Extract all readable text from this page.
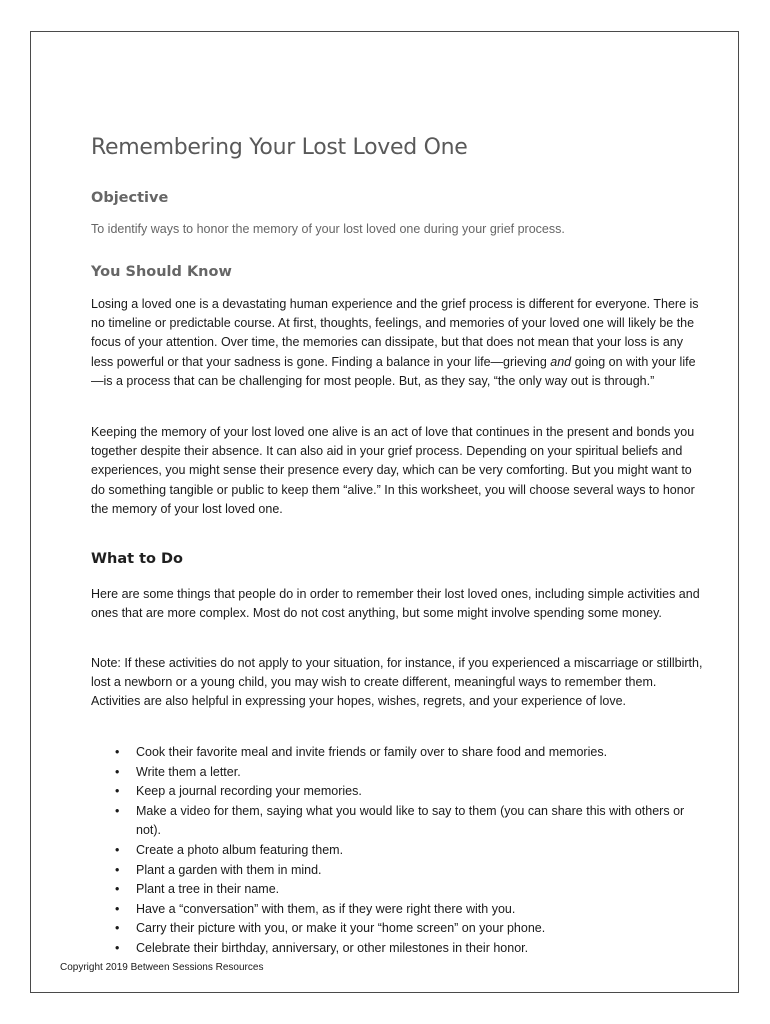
Remembering Your Lost Loved One
Objective

To identify ways to honor the memory of your lost loved one during your grief process.

You Should Know

Losing a loved one is a devastating human experience and the grief process is different for everyone. There is no timeline or predictable course. At first, thoughts, feelings, and memories of your loved one will likely be the focus of your attention. Over time, the memories can dissipate, but that does not mean that your loss is any less powerful or that your sadness is gone. Finding a balance in your life—grieving and going on with your life—is a process that can be challenging for most people. But, as they say, “the only way out is through.”

Keeping the memory of your lost loved one alive is an act of love that continues in the present and bonds you together despite their absence. It can also aid in your grief process. Depending on your spiritual beliefs and experiences, you might sense their presence every day, which can be very comforting. But you might want to do something tangible or public to keep them “alive.” In this worksheet, you will choose several ways to honor the memory of your lost loved one.

What to Do

Here are some things that people do in order to remember their lost loved ones, including simple activities and ones that are more complex. Most do not cost anything, but some might involve spending some money.

Note: If these activities do not apply to your situation, for instance, if you experienced a miscarriage or stillbirth, lost a newborn or a young child, you may wish to create different, meaningful ways to remember them. Activities are also helpful in expressing your hopes, wishes, regrets, and your experience of love.

• Cook their favorite meal and invite friends or family over to share food and memories.
• Write them a letter.
• Keep a journal recording your memories.
• Make a video for them, saying what you would like to say to them (you can share this with others or not).
• Create a photo album featuring them.
• Plant a garden with them in mind.
• Plant a tree in their name.
• Have a “conversation” with them, as if they were right there with you.
• Carry their picture with you, or make it your “home screen” on your phone.
• Celebrate their birthday, anniversary, or other milestones in their honor.

Copyright 2019 Between Sessions Resources
